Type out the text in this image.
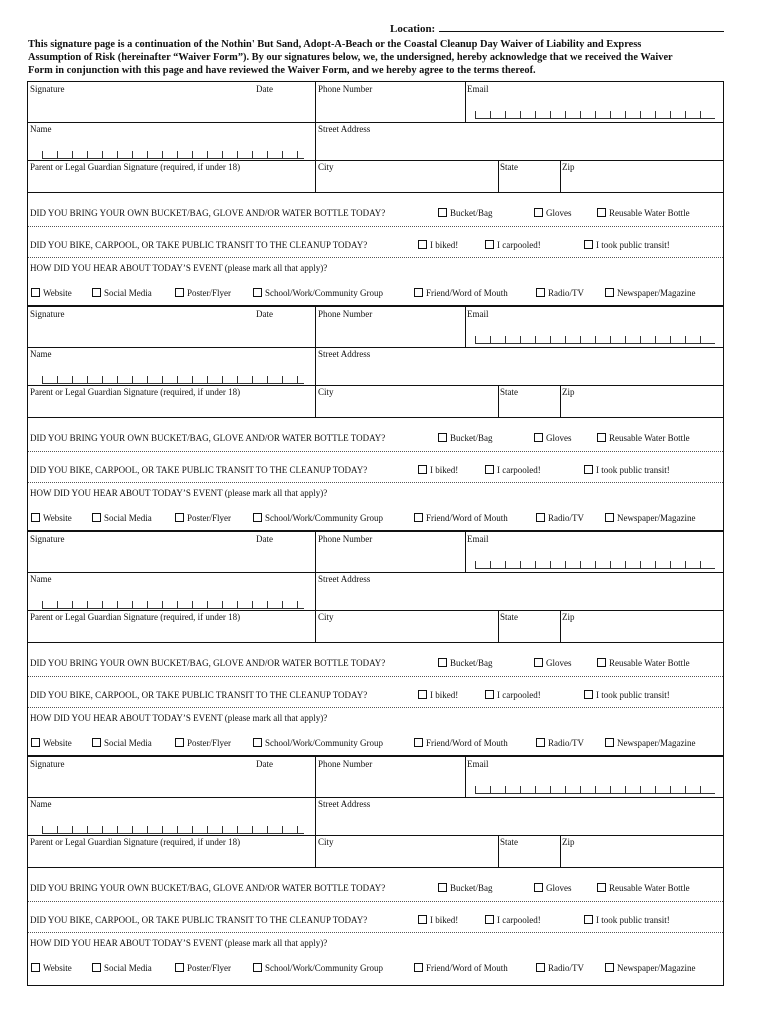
Location:
This signature page is a continuation of the Nothin' But Sand, Adopt-A-Beach or the Coastal Cleanup Day Waiver of Liability and Express
Assumption of Risk (hereinafter “Waiver Form”). By our signatures below, we, the undersigned, hereby acknowledge that we received the Waiver
Form in conjunction with this page and have reviewed the Waiver Form, and we hereby agree to the terms thereof.
Signature	Date	Phone Number	Email
Name	Street Address
Parent or Legal Guardian Signature (required, if under 18)	City	State	Zip
DID YOU BRING YOUR OWN BUCKET/BAG, GLOVE AND/OR WATER BOTTLE TODAY?	Bucket/Bag	Gloves	Reusable Water Bottle
DID YOU BIKE, CARPOOL, OR TAKE PUBLIC TRANSIT TO THE CLEANUP TODAY?	I biked!	I carpooled!	I took public transit!
HOW DID YOU HEAR ABOUT TODAY’S EVENT (please mark all that apply)?
Website	Social Media	Poster/Flyer	School/Work/Community Group	Friend/Word of Mouth	Radio/TV	Newspaper/Magazine
Signature	Date	Phone Number	Email
Name	Street Address
Parent or Legal Guardian Signature (required, if under 18)	City	State	Zip
DID YOU BRING YOUR OWN BUCKET/BAG, GLOVE AND/OR WATER BOTTLE TODAY?	Bucket/Bag	Gloves	Reusable Water Bottle
DID YOU BIKE, CARPOOL, OR TAKE PUBLIC TRANSIT TO THE CLEANUP TODAY?	I biked!	I carpooled!	I took public transit!
HOW DID YOU HEAR ABOUT TODAY’S EVENT (please mark all that apply)?
Website	Social Media	Poster/Flyer	School/Work/Community Group	Friend/Word of Mouth	Radio/TV	Newspaper/Magazine
Signature	Date	Phone Number	Email
Name	Street Address
Parent or Legal Guardian Signature (required, if under 18)	City	State	Zip
DID YOU BRING YOUR OWN BUCKET/BAG, GLOVE AND/OR WATER BOTTLE TODAY?	Bucket/Bag	Gloves	Reusable Water Bottle
DID YOU BIKE, CARPOOL, OR TAKE PUBLIC TRANSIT TO THE CLEANUP TODAY?	I biked!	I carpooled!	I took public transit!
HOW DID YOU HEAR ABOUT TODAY’S EVENT (please mark all that apply)?
Website	Social Media	Poster/Flyer	School/Work/Community Group	Friend/Word of Mouth	Radio/TV	Newspaper/Magazine
Signature	Date	Phone Number	Email
Name	Street Address
Parent or Legal Guardian Signature (required, if under 18)	City	State	Zip
DID YOU BRING YOUR OWN BUCKET/BAG, GLOVE AND/OR WATER BOTTLE TODAY?	Bucket/Bag	Gloves	Reusable Water Bottle
DID YOU BIKE, CARPOOL, OR TAKE PUBLIC TRANSIT TO THE CLEANUP TODAY?	I biked!	I carpooled!	I took public transit!
HOW DID YOU HEAR ABOUT TODAY’S EVENT (please mark all that apply)?
Website	Social Media	Poster/Flyer	School/Work/Community Group	Friend/Word of Mouth	Radio/TV	Newspaper/Magazine
